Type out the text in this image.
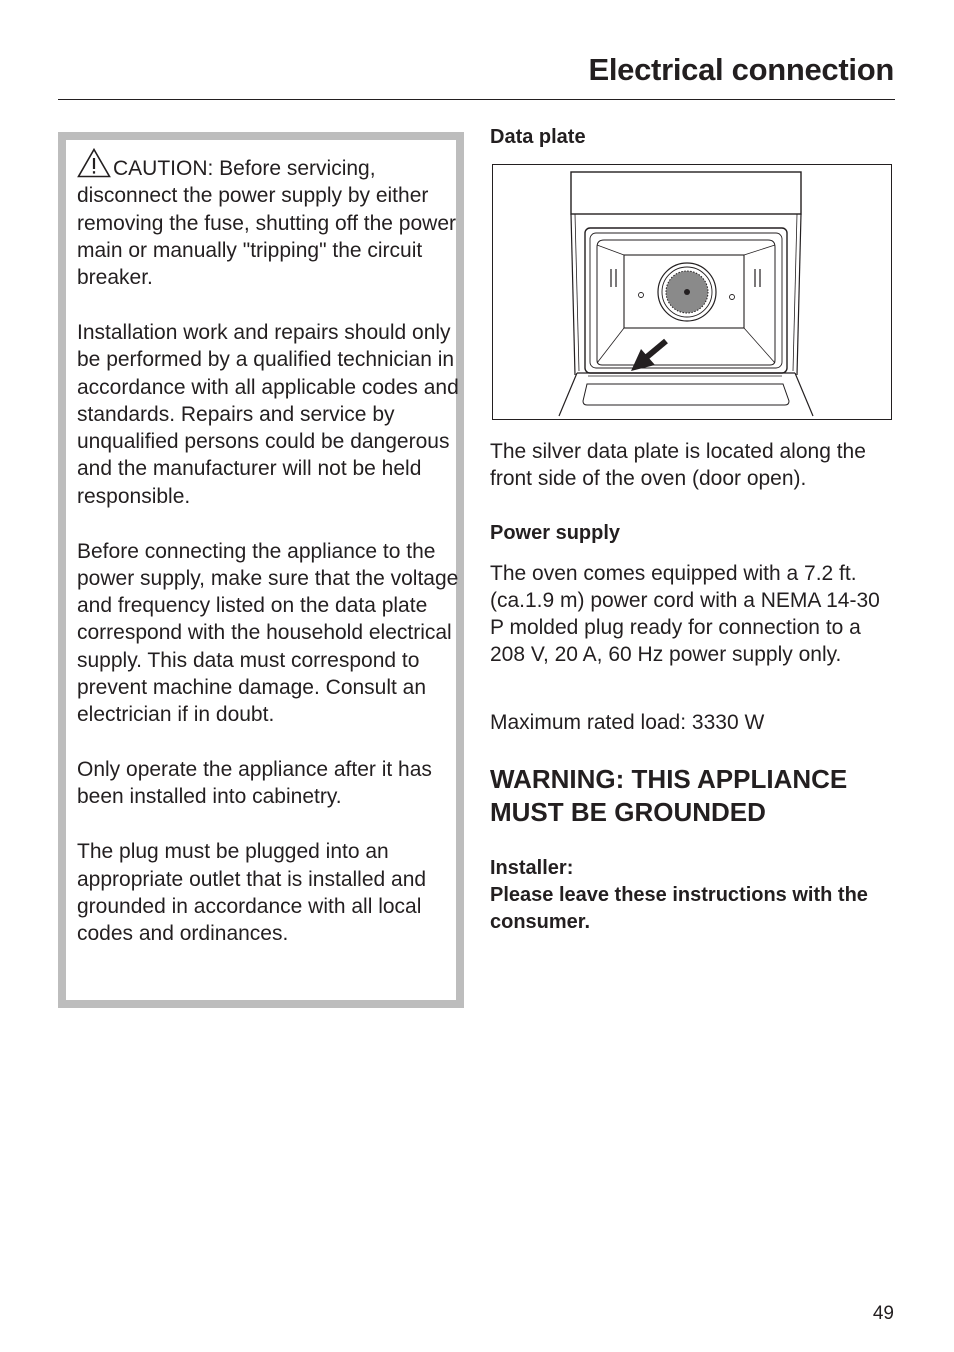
Electrical connection

CAUTION: Before servicing, disconnect the power supply by either removing the fuse, shutting off the power main or manually "tripping" the circuit breaker.

Installation work and repairs should only be performed by a qualified technician in accordance with all applicable codes and standards. Repairs and service by unqualified persons could be dangerous and the manufacturer will not be held responsible.

Before connecting the appliance to the power supply, make sure that the voltage and frequency listed on the data plate correspond with the household electrical supply. This data must correspond to prevent machine damage. Consult an electrician if in doubt.

Only operate the appliance after it has been installed into cabinetry.

The plug must be plugged into an appropriate outlet that is installed and grounded in accordance with all local codes and ordinances.

Data plate

The silver data plate is located along the front side of the oven (door open).

Power supply

The oven comes equipped with a 7.2 ft. (ca.1.9 m) power cord with a NEMA 14-30 P molded plug ready for connection to a 208 V, 20 A, 60 Hz power supply only.

Maximum rated load: 3330 W

WARNING: THIS APPLIANCE MUST BE GROUNDED

Installer:

Please leave these instructions with the consumer.

49
